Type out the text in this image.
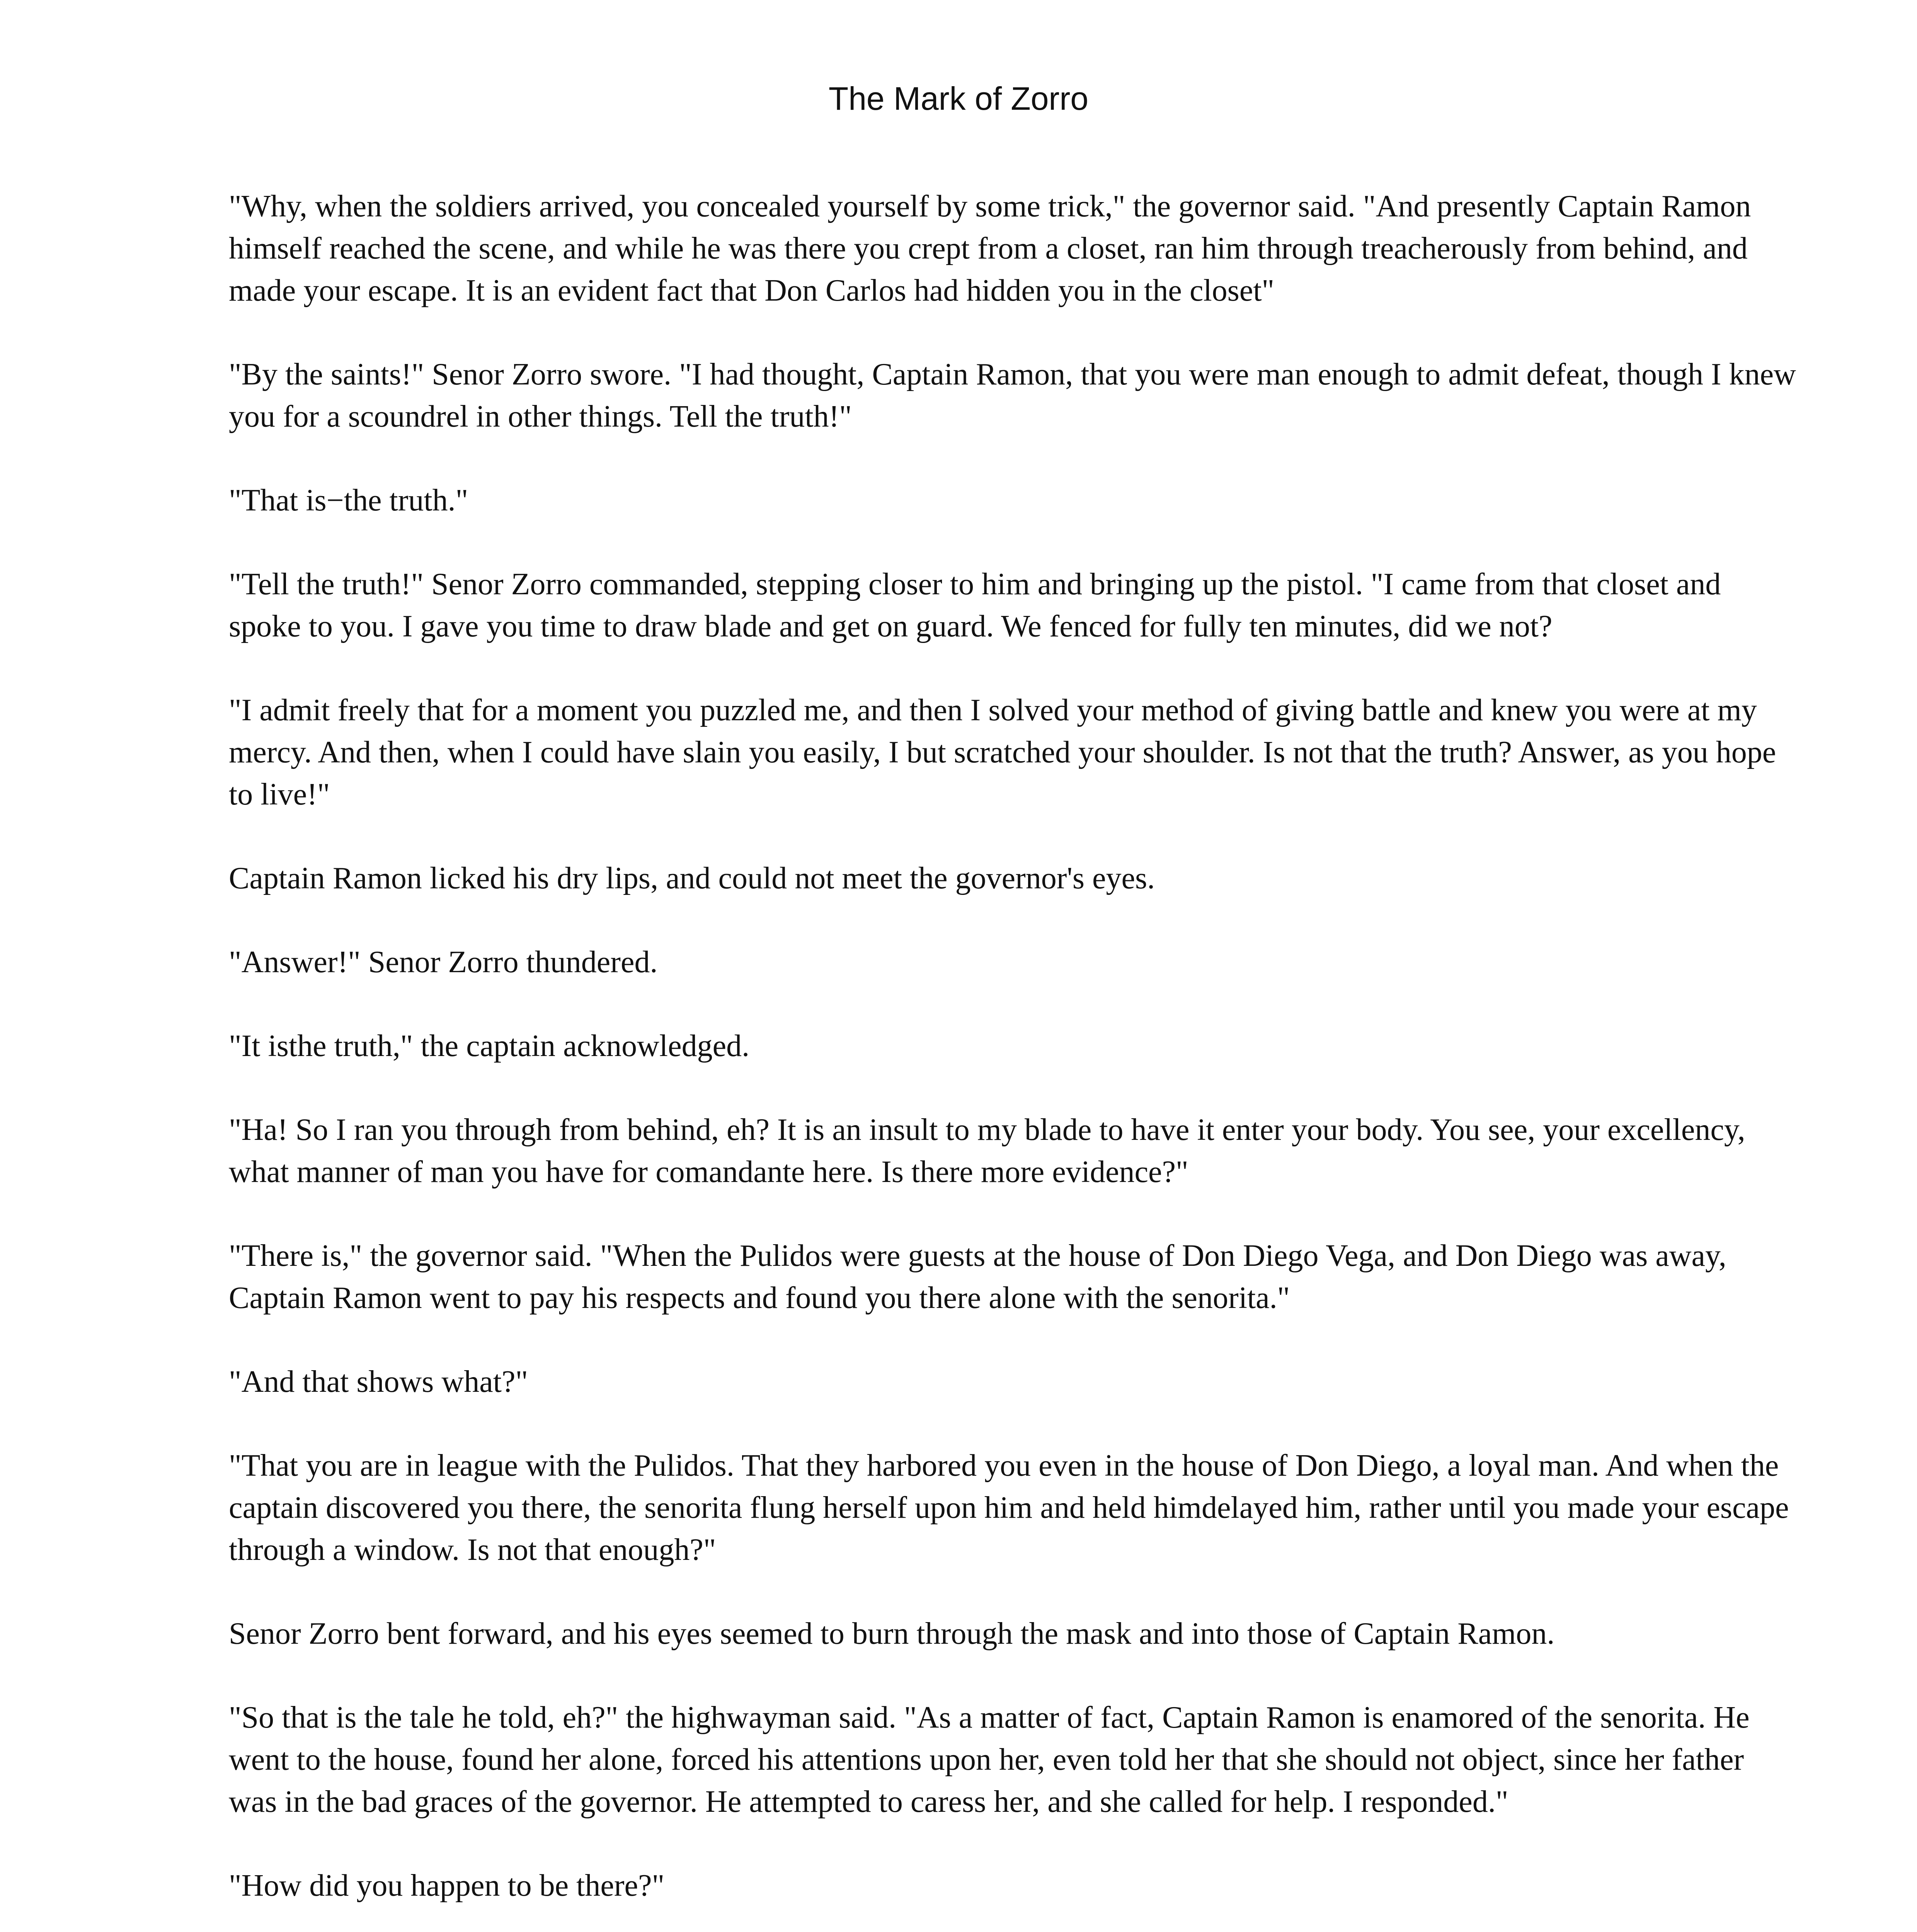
The Mark of Zorro

"Why, when the soldiers arrived, you concealed yourself by some trick," the governor said. "And presently Captain Ramon himself reached the scene, and while he was there you crept from a closet, ran him through treacherously from behind, and made your escape. It is an evident fact that Don Carlos had hidden you in the closet"

"By the saints!" Senor Zorro swore. "I had thought, Captain Ramon, that you were man enough to admit defeat, though I knew you for a scoundrel in other things. Tell the truth!"

"That is−the truth."

"Tell the truth!" Senor Zorro commanded, stepping closer to him and bringing up the pistol. "I came from that closet and spoke to you. I gave you time to draw blade and get on guard. We fenced for fully ten minutes, did we not?

"I admit freely that for a moment you puzzled me, and then I solved your method of giving battle and knew you were at my mercy. And then, when I could have slain you easily, I but scratched your shoulder. Is not that the truth? Answer, as you hope to live!"

Captain Ramon licked his dry lips, and could not meet the governor's eyes.

"Answer!" Senor Zorro thundered.

"It isthe truth," the captain acknowledged.

"Ha! So I ran you through from behind, eh? It is an insult to my blade to have it enter your body. You see, your excellency, what manner of man you have for comandante here. Is there more evidence?"

"There is," the governor said. "When the Pulidos were guests at the house of Don Diego Vega, and Don Diego was away, Captain Ramon went to pay his respects and found you there alone with the senorita."

"And that shows what?"

"That you are in league with the Pulidos. That they harbored you even in the house of Don Diego, a loyal man. And when the captain discovered you there, the senorita flung herself upon him and held himdelayed him, rather until you made your escape through a window. Is not that enough?"

Senor Zorro bent forward, and his eyes seemed to burn through the mask and into those of Captain Ramon.

"So that is the tale he told, eh?" the highwayman said. "As a matter of fact, Captain Ramon is enamored of the senorita. He went to the house, found her alone, forced his attentions upon her, even told her that she should not object, since her father was in the bad graces of the governor. He attempted to caress her, and she called for help. I responded."

"How did you happen to be there?"
